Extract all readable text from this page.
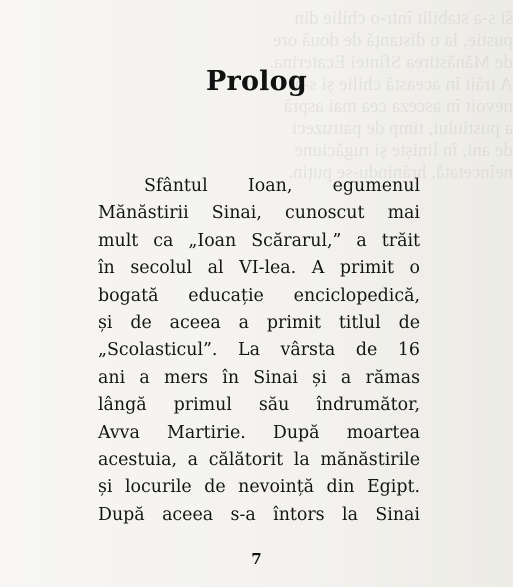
ši s-a stabilit într-o chilie din
pustie, la o distanță de două ore
de Mănăstirea Sfintei Ecaterina.
A trăit în această chilie și s-a
nevoit în asceza cea mai aspră
a pustiului, timp de patruzeci
de ani, în liniște și rugăciune
neîncetată, hrănindu-se puțin.
Prolog
Sfântul Ioan, egumenul
Mănăstirii Sinai, cunoscut mai
mult ca „Ioan Scărarul,” a trăit
în secolul al VI-lea. A primit o
bogată educație enciclopedică,
și de aceea a primit titlul de
„Scolasticul”. La vârsta de 16
ani a mers în Sinai și a rămas
lângă primul său îndrumător,
Avva Martirie. După moartea
acestuia, a călătorit la mănăstirile
și locurile de nevoință din Egipt.
După aceea s-a întors la Sinai
7
